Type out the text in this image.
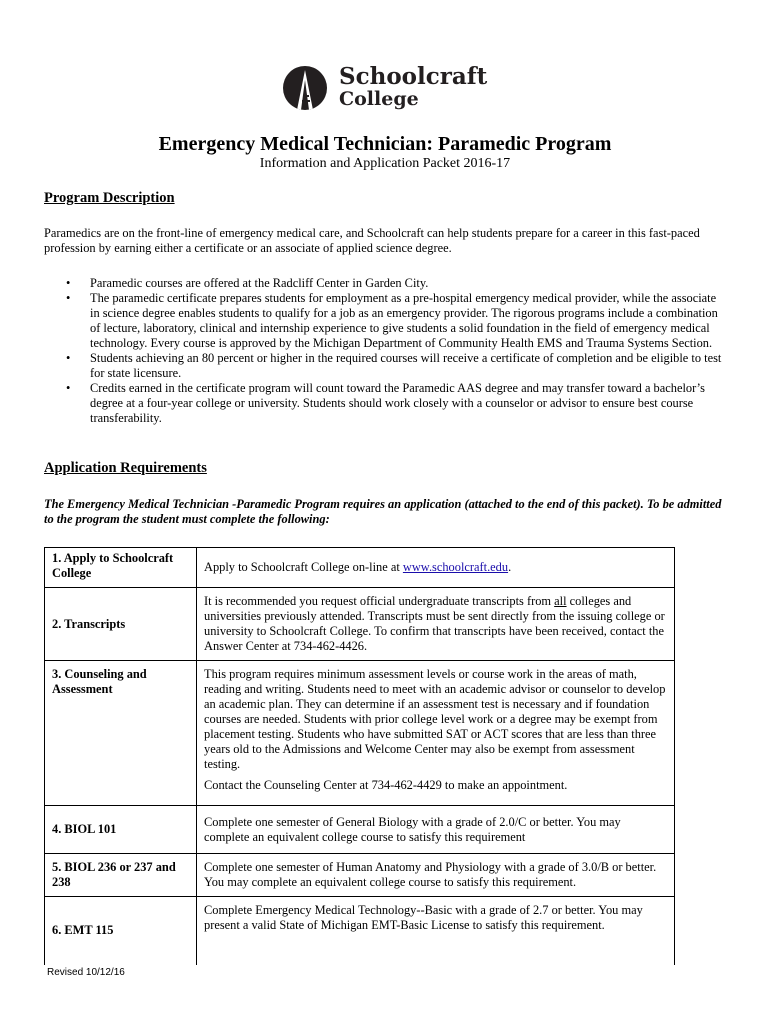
Schoolcraft
College
Emergency Medical Technician: Paramedic Program
Information and Application Packet 2016-17
Program Description
Paramedics are on the front-line of emergency medical care, and Schoolcraft can help students prepare for a career in this fast-paced profession by earning either a certificate or an associate of applied science degree.
• Paramedic courses are offered at the Radcliff Center in Garden City.
• The paramedic certificate prepares students for employment as a pre-hospital emergency medical provider, while the associate in science degree enables students to qualify for a job as an emergency provider. The rigorous programs include a combination of lecture, laboratory, clinical and internship experience to give students a solid foundation in the field of emergency medical technology. Every course is approved by the Michigan Department of Community Health EMS and Trauma Systems Section.
• Students achieving an 80 percent or higher in the required courses will receive a certificate of completion and be eligible to test for state licensure.
• Credits earned in the certificate program will count toward the Paramedic AAS degree and may transfer toward a bachelor’s degree at a four-year college or university. Students should work closely with a counselor or advisor to ensure best course transferability.
Application Requirements
The Emergency Medical Technician -Paramedic Program requires an application (attached to the end of this packet). To be admitted to the program the student must complete the following:
1. Apply to Schoolcraft College	Apply to Schoolcraft College on-line at www.schoolcraft.edu.
2. Transcripts	It is recommended you request official undergraduate transcripts from all colleges and universities previously attended. Transcripts must be sent directly from the issuing college or university to Schoolcraft College. To confirm that transcripts have been received, contact the Answer Center at 734-462-4426.
3. Counseling and Assessment	This program requires minimum assessment levels or course work in the areas of math, reading and writing. Students need to meet with an academic advisor or counselor to develop an academic plan. They can determine if an assessment test is necessary and if foundation courses are needed. Students with prior college level work or a degree may be exempt from placement testing. Students who have submitted SAT or ACT scores that are less than three years old to the Admissions and Welcome Center may also be exempt from assessment testing.
Contact the Counseling Center at 734-462-4429 to make an appointment.

4. BIOL 101	Complete one semester of General Biology with a grade of 2.0/C or better. You may complete an equivalent college course to satisfy this requirement
5. BIOL 236 or 237 and 238	Complete one semester of Human Anatomy and Physiology with a grade of 3.0/B or better. You may complete an equivalent college course to satisfy this requirement.
6. EMT 115	Complete Emergency Medical Technology--Basic with a grade of 2.7 or better. You may present a valid State of Michigan EMT-Basic License to satisfy this requirement.
Revised 10/12/16
